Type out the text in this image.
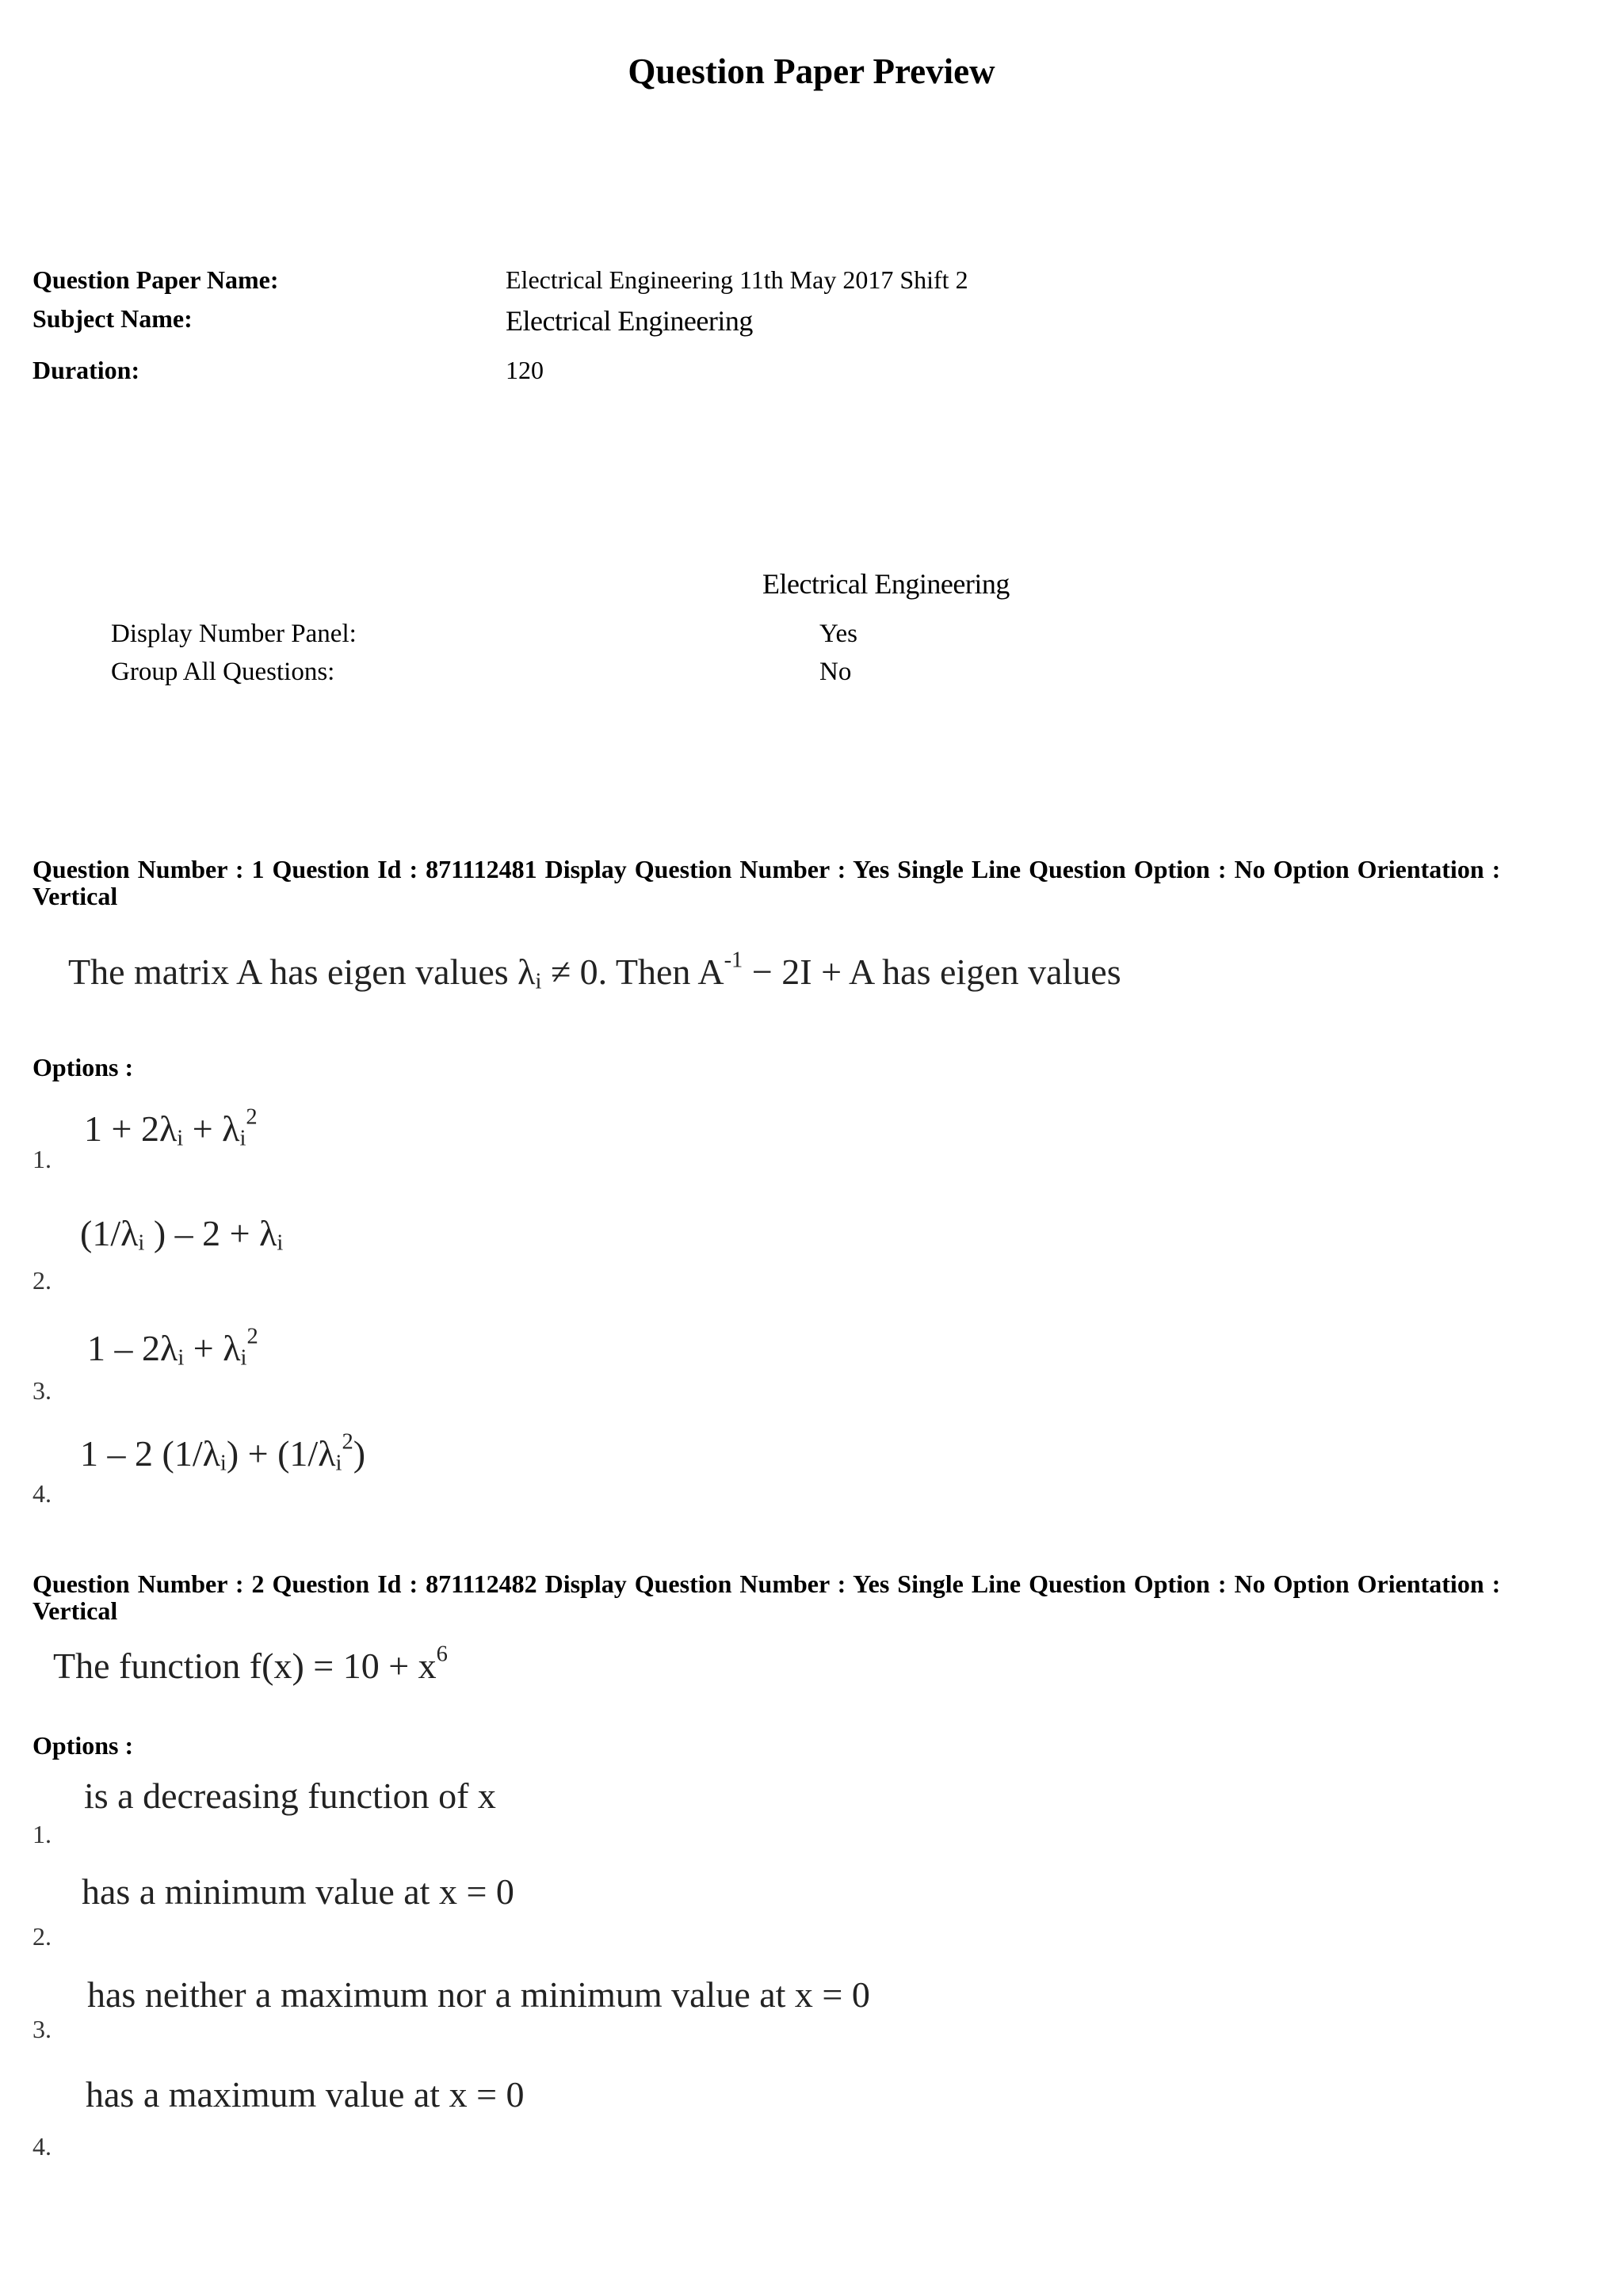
Question Paper Preview
Question Paper Name:	Electrical Engineering 11th May 2017 Shift 2
Subject Name:	Electrical Engineering
Duration:	120
Electrical Engineering
Display Number Panel:	Yes
Group All Questions:	No
Question Number : 1 Question Id : 871112481 Display Question Number : Yes Single Line Question Option : No Option Orientation : Vertical
The matrix A has eigen values $\lambda_i \ne 0$. Then $A^{-1} - 2I + A$ has eigen values
Options :
$1 + 2\lambda_i + \lambda_i^2$
1.
($1/\lambda_i$ ) – $2 + \lambda_i$
2.
$1 - 2\lambda_i + \lambda_i^2$
3.
1 – 2 $(1/\lambda_i) + (1/\lambda_i^2)$
4.
Question Number : 2 Question Id : 871112482 Display Question Number : Yes Single Line Question Option : No Option Orientation : Vertical
The function $f(x) = 10 + x^6$
Options :
is a decreasing function of x
1.
has a minimum value at x = 0
2.
has neither a maximum nor a minimum value at x = 0
3.
has a maximum value at x = 0
4.
